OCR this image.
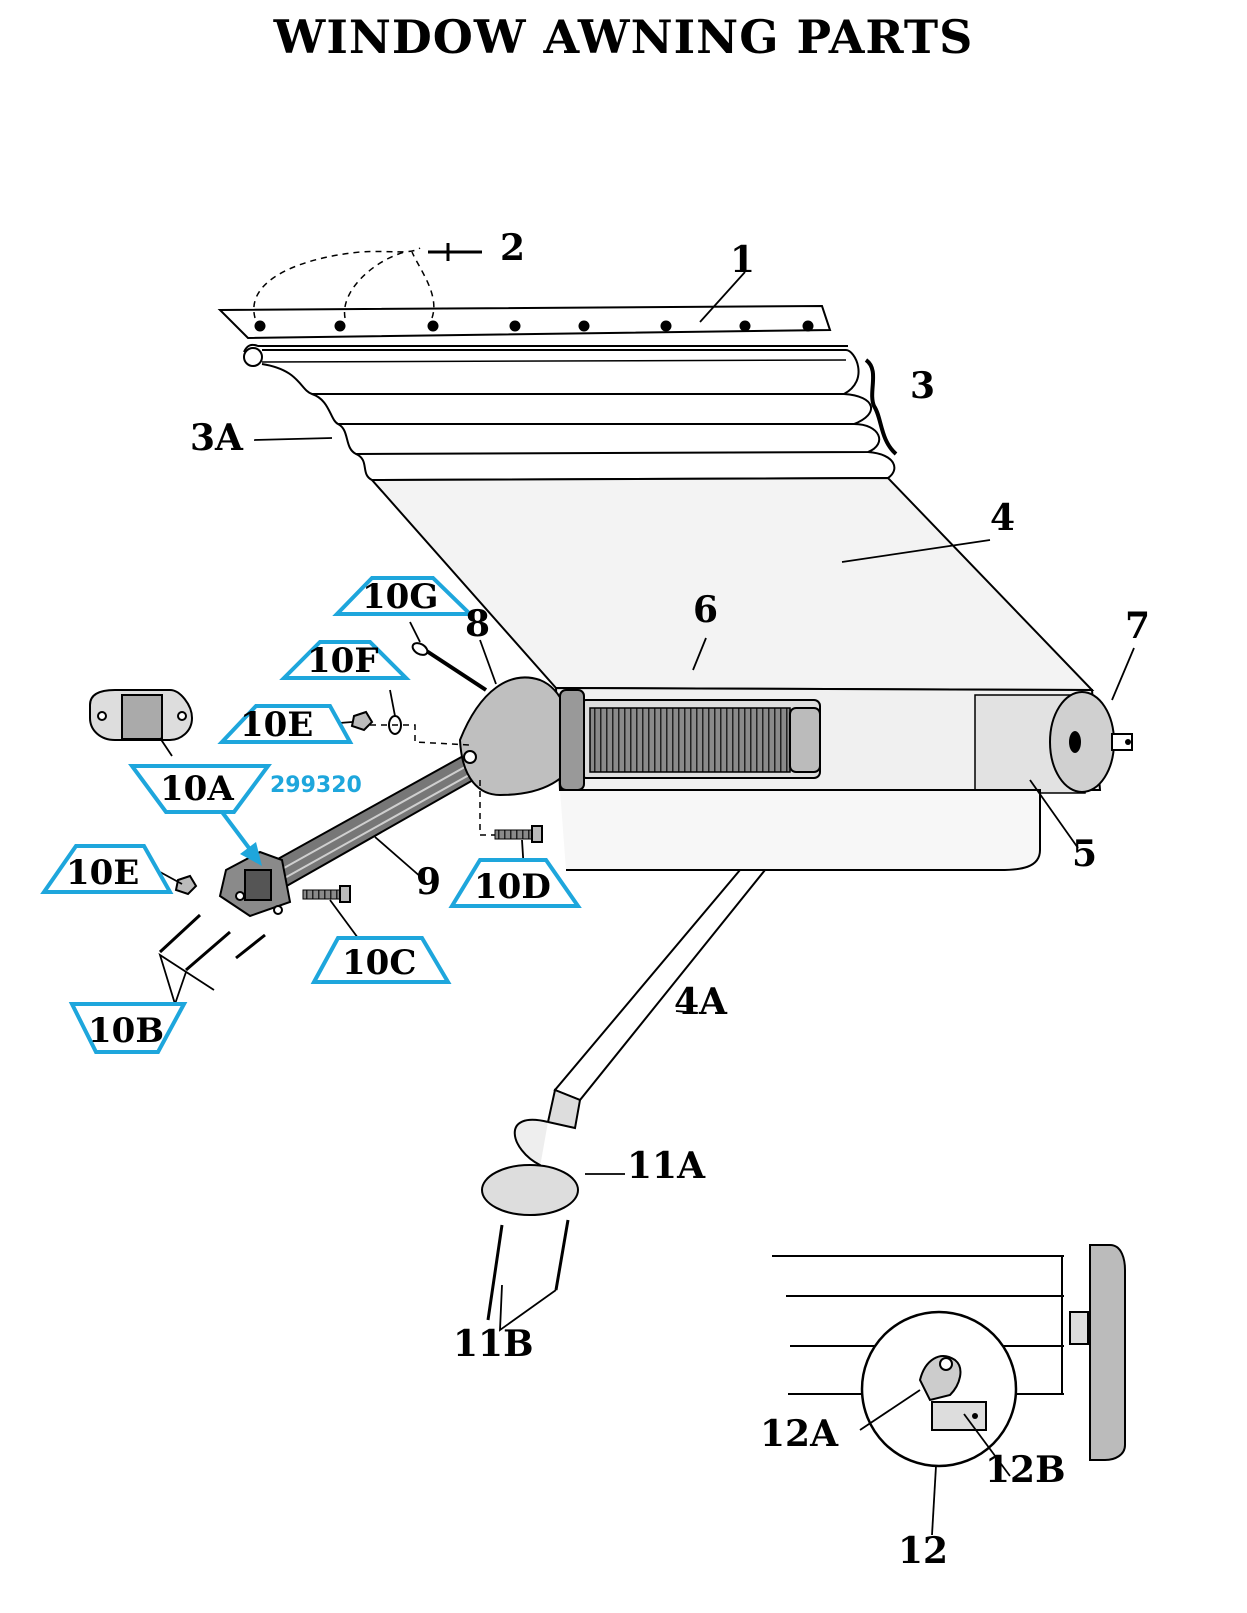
WINDOW AWNING PARTS
2	1
3
3A
4
6	7
8
5
9
4A
11A
11B
12A
12B
12
10G
10F
10E
10A
10E
10B
10C
10D
299320
